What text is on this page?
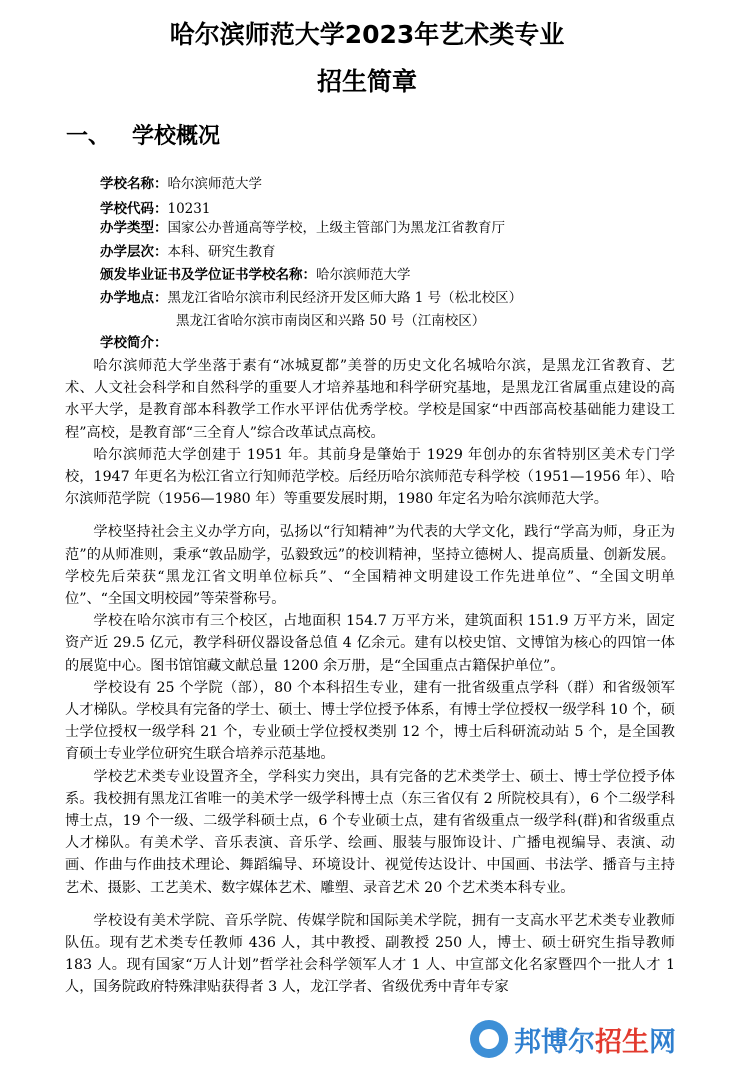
哈尔滨师范大学2023年艺术类专业
招生简章
一、 学校概况
学校名称：哈尔滨师范大学
学校代码：10231
办学类型：国家公办普通高等学校，上级主管部门为黑龙江省教育厅
办学层次：本科、研究生教育
颁发毕业证书及学位证书学校名称：哈尔滨师范大学
办学地点：黑龙江省哈尔滨市利民经济开发区师大路 1 号（松北校区）
黑龙江省哈尔滨市南岗区和兴路 50 号（江南校区）
学校简介：

哈尔滨师范大学坐落于素有“冰城夏都”美誉的历史文化名城哈尔滨，是黑龙江省教育、艺术、人文社会科学和自然科学的重要人才培养基地和科学研究基地，是黑龙江省属重点建设的高水平大学，是教育部本科教学工作水平评估优秀学校。学校是国家“中西部高校基础能力建设工程”高校，是教育部“三全育人”综合改革试点高校。

哈尔滨师范大学创建于 1951 年。其前身是肇始于 1929 年创办的东省特别区美术专门学校，1947 年更名为松江省立行知师范学校。后经历哈尔滨师范专科学校（1951—1956 年）、哈尔滨师范学院（1956—1980 年）等重要发展时期，1980 年定名为哈尔滨师范大学。

学校坚持社会主义办学方向，弘扬以“行知精神”为代表的大学文化，践行“学高为师，身正为范”的从师准则，秉承“敦品励学，弘毅致远”的校训精神，坚持立德树人、提高质量、创新发展。学校先后荣获“黑龙江省文明单位标兵”、“全国精神文明建设工作先进单位”、“全国文明单位”、“全国文明校园”等荣誉称号。

学校在哈尔滨市有三个校区，占地面积 154.7 万平方米，建筑面积 151.9 万平方米，固定资产近 29.5 亿元，教学科研仪器设备总值 4 亿余元。建有以校史馆、文博馆为核心的四馆一体的展览中心。图书馆馆藏文献总量 1200 余万册，是“全国重点古籍保护单位”。

学校设有 25 个学院（部），80 个本科招生专业，建有一批省级重点学科（群）和省级领军人才梯队。学校具有完备的学士、硕士、博士学位授予体系，有博士学位授权一级学科 10 个，硕士学位授权一级学科 21 个，专业硕士学位授权类别 12 个，博士后科研流动站 5 个，是全国教育硕士专业学位研究生联合培养示范基地。

学校艺术类专业设置齐全，学科实力突出，具有完备的艺术类学士、硕士、博士学位授予体系。我校拥有黑龙江省唯一的美术学一级学科博士点（东三省仅有 2 所院校具有），6 个二级学科博士点，19 个一级、二级学科硕士点，6 个专业硕士点，建有省级重点一级学科(群)和省级重点人才梯队。有美术学、音乐表演、音乐学、绘画、服装与服饰设计、广播电视编导、表演、动画、作曲与作曲技术理论、舞蹈编导、环境设计、视觉传达设计、中国画、书法学、播音与主持艺术、摄影、工艺美术、数字媒体艺术、雕塑、录音艺术 20 个艺术类本科专业。

学校设有美术学院、音乐学院、传媒学院和国际美术学院，拥有一支高水平艺术类专业教师队伍。现有艺术类专任教师 436 人，其中教授、副教授 250 人，博士、硕士研究生指导教师 183 人。现有国家“万人计划”哲学社会科学领军人才 1 人、中宣部文化名家暨四个一批人才 1 人，国务院政府特殊津贴获得者 3 人，龙江学者、省级优秀中青年专家

邦博尔招生网
